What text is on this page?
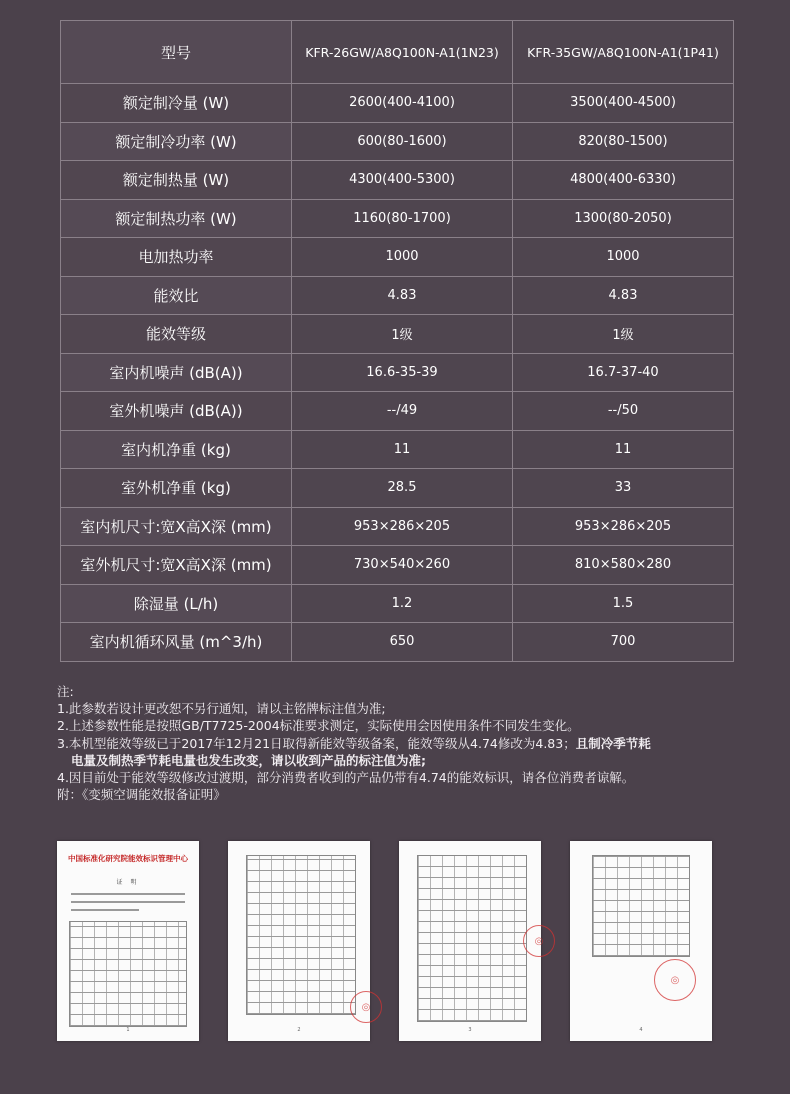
型号	KFR-26GW/A8Q100N-A1(1N23)	KFR-35GW/A8Q100N-A1(1P41)
额定制冷量 (W)	2600(400-4100)	3500(400-4500)
额定制冷功率 (W)	600(80-1600)	820(80-1500)
额定制热量 (W)	4300(400-5300)	4800(400-6330)
额定制热功率 (W)	1160(80-1700)	1300(80-2050)
电加热功率	1000	1000
能效比	4.83	4.83
能效等级	1级	1级
室内机噪声 (dB(A))	16.6-35-39	16.7-37-40
室外机噪声 (dB(A))	--/49	--/50
室内机净重 (kg)	11	11
室外机净重 (kg)	28.5	33
室内机尺寸:宽X高X深 (mm)	953×286×205	953×286×205
室外机尺寸:宽X高X深 (mm)	730×540×260	810×580×280
除湿量 (L/h)	1.2	1.5
室内机循环风量 (m^3/h)	650	700
注:
1.此参数若设计更改恕不另行通知，请以主铭牌标注值为准;
2.上述参数性能是按照GB/T7725-2004标准要求测定，实际使用会因使用条件不同发生变化。
3.本机型能效等级已于2017年12月21日取得新能效等级备案，能效等级从4.74修改为4.83；且制冷季节耗
电量及制热季节耗电量也发生改变，请以收到产品的标注值为准;
4.因目前处于能效等级修改过渡期，部分消费者收到的产品仍带有4.74的能效标识，请各位消费者谅解。
附：《变频空调能效报备证明》
中国标准化研究院能效标识管理中心
证 明
1
◎
2
◎
3
◎
4
